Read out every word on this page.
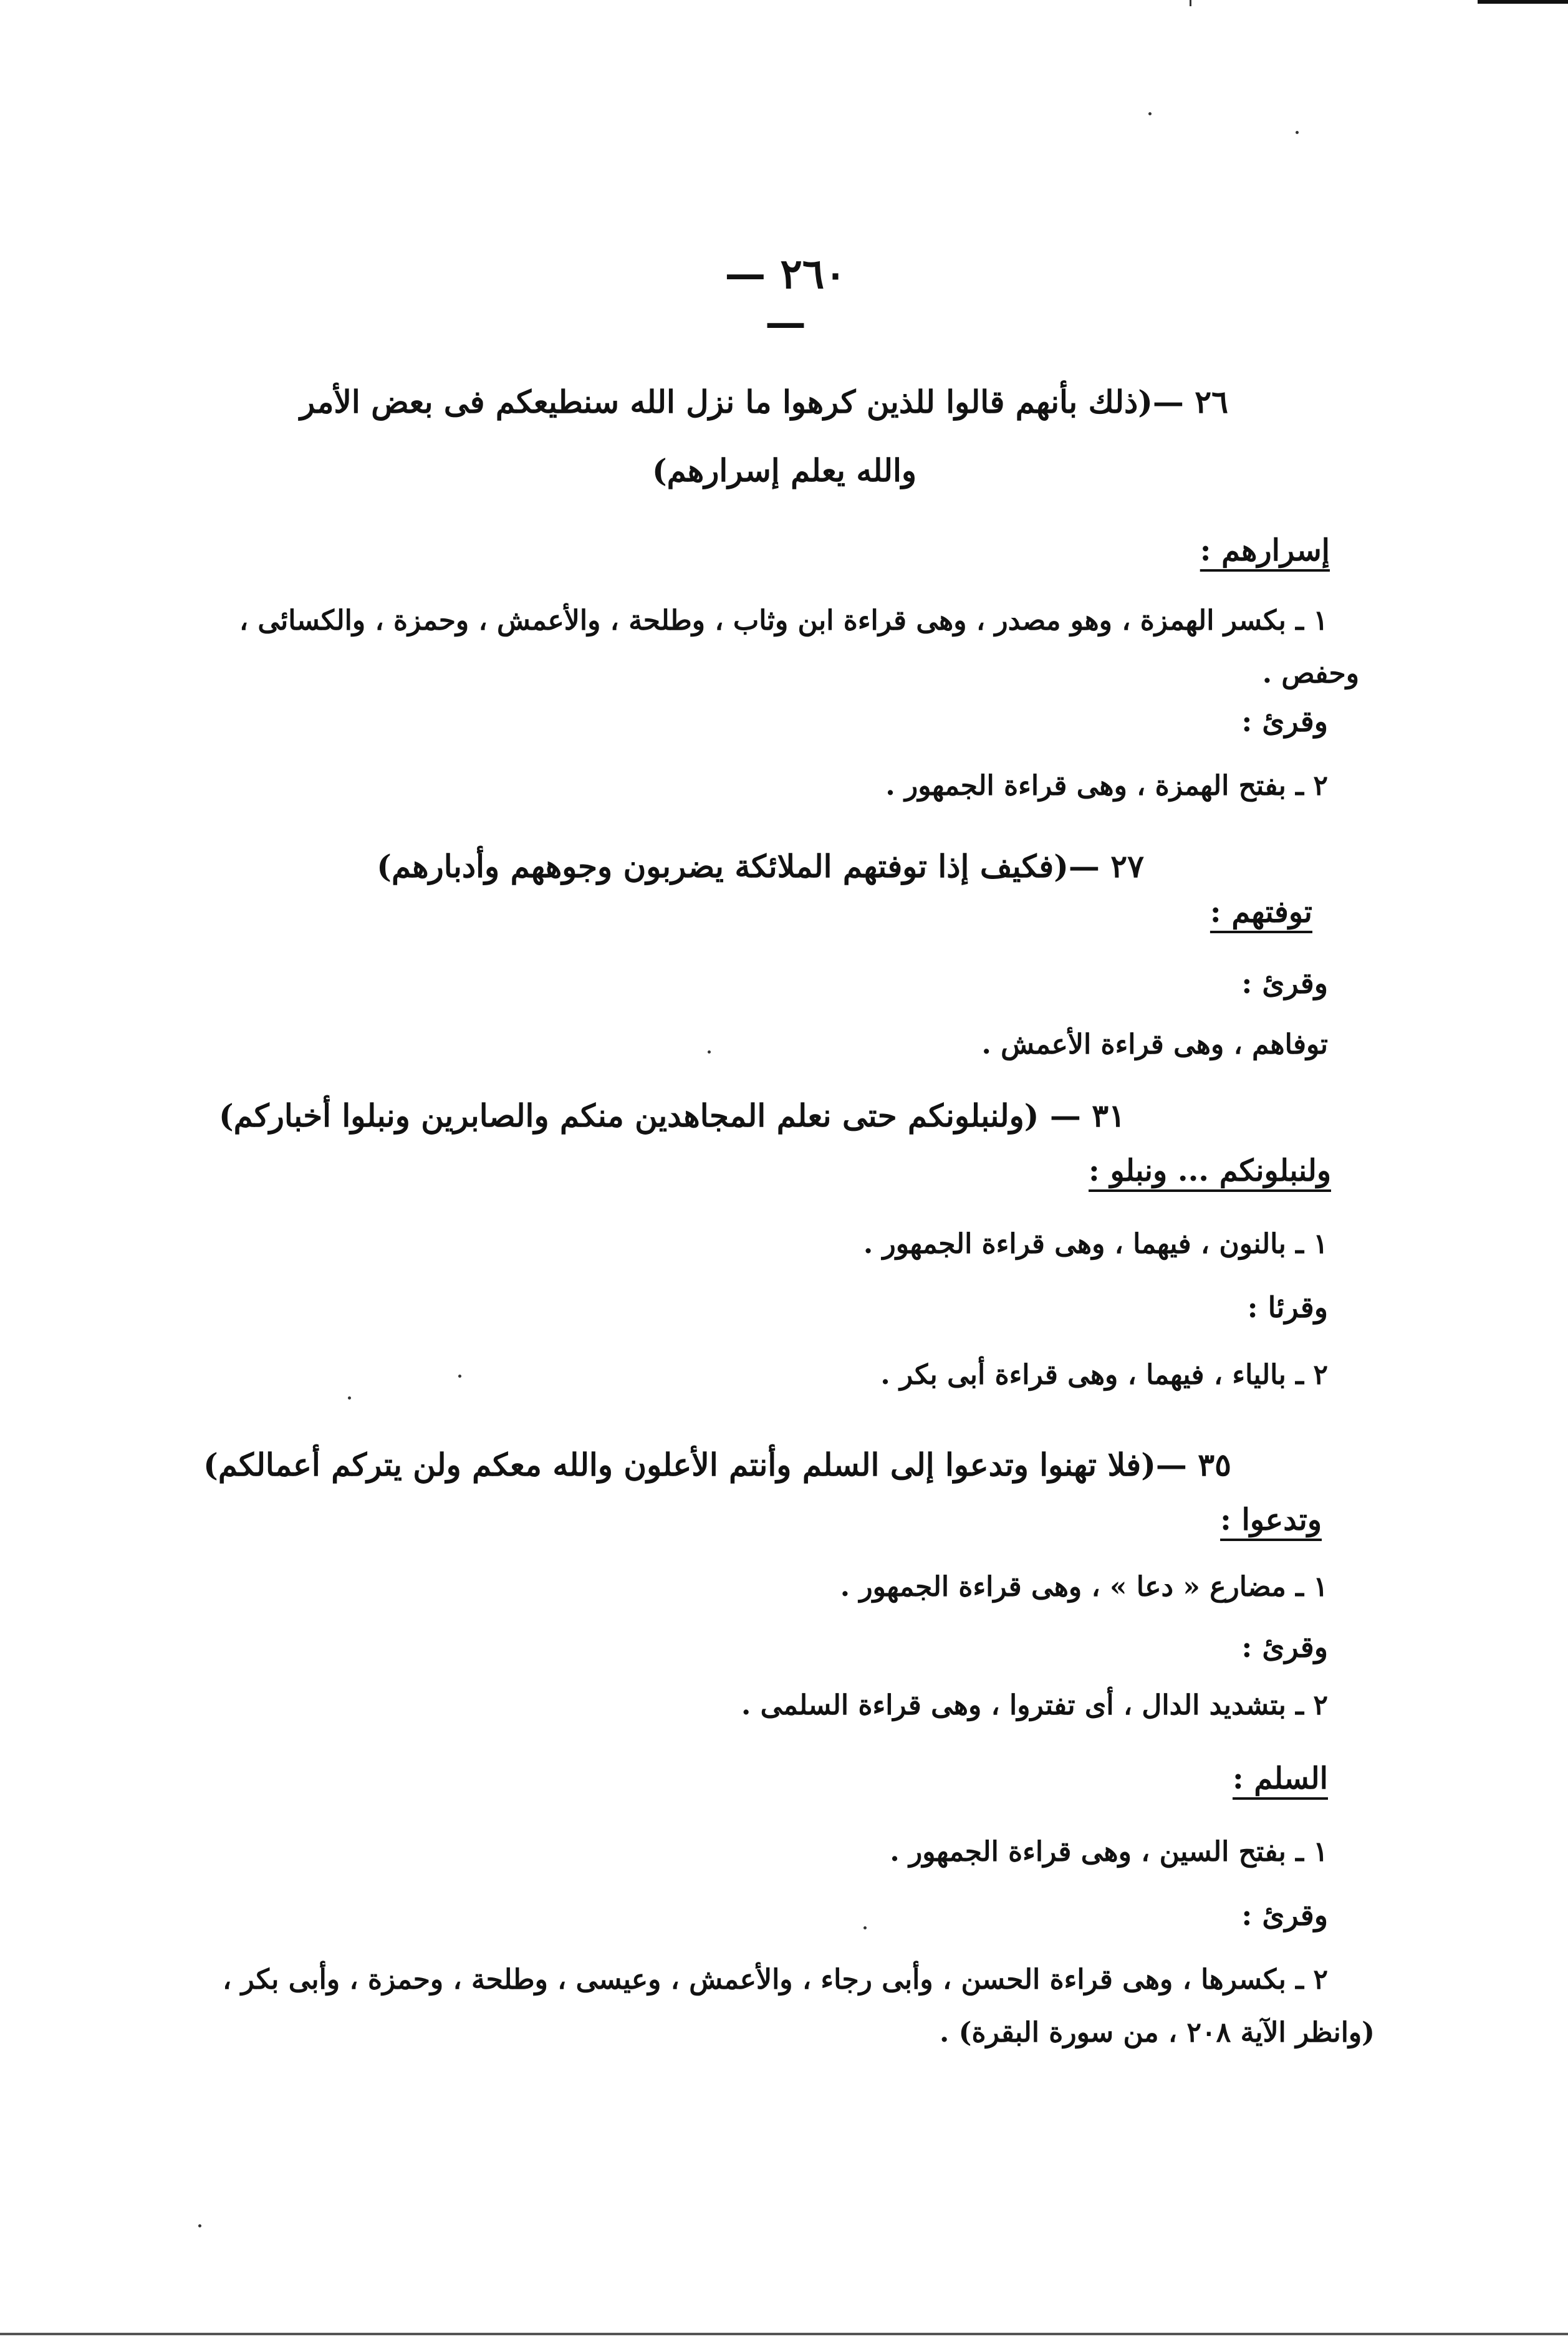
— ٢٦٠ —
٢٦ —(ذلك بأنهم قالوا للذين كرهوا ما نزل الله سنطيعكم فى بعض الأمر
والله يعلم إسرارهم)
إسرارهم :
١ ـ بكسر الهمزة ، وهو مصدر ، وهى قراءة ابن وثاب ، وطلحة ، والأعمش ، وحمزة ، والكسائى ،
وحفص .
وقرئ :
٢ ـ بفتح الهمزة ، وهى قراءة الجمهور .
٢٧ —(فكيف إذا توفتهم الملائكة يضربون وجوههم وأدبارهم)
توفتهم :
وقرئ :
توفاهم ، وهى قراءة الأعمش .
٣١ — (ولنبلونكم حتى نعلم المجاهدين منكم والصابرين ونبلوا أخباركم)
ولنبلونكم ... ونبلو :
١ ـ بالنون ، فيهما ، وهى قراءة الجمهور .
وقرئا :
٢ ـ بالياء ، فيهما ، وهى قراءة أبى بكر .
٣٥ —(فلا تهنوا وتدعوا إلى السلم وأنتم الأعلون والله معكم ولن يتركم أعمالكم)
وتدعوا :
١ ـ مضارع « دعا » ، وهى قراءة الجمهور .
وقرئ :
٢ ـ بتشديد الدال ، أى تفتروا ، وهى قراءة السلمى .
السلم :
١ ـ بفتح السين ، وهى قراءة الجمهور .
وقرئ :
٢ ـ بكسرها ، وهى قراءة الحسن ، وأبى رجاء ، والأعمش ، وعيسى ، وطلحة ، وحمزة ، وأبى بكر ،
(وانظر الآية ٢٠٨ ، من سورة البقرة) .
